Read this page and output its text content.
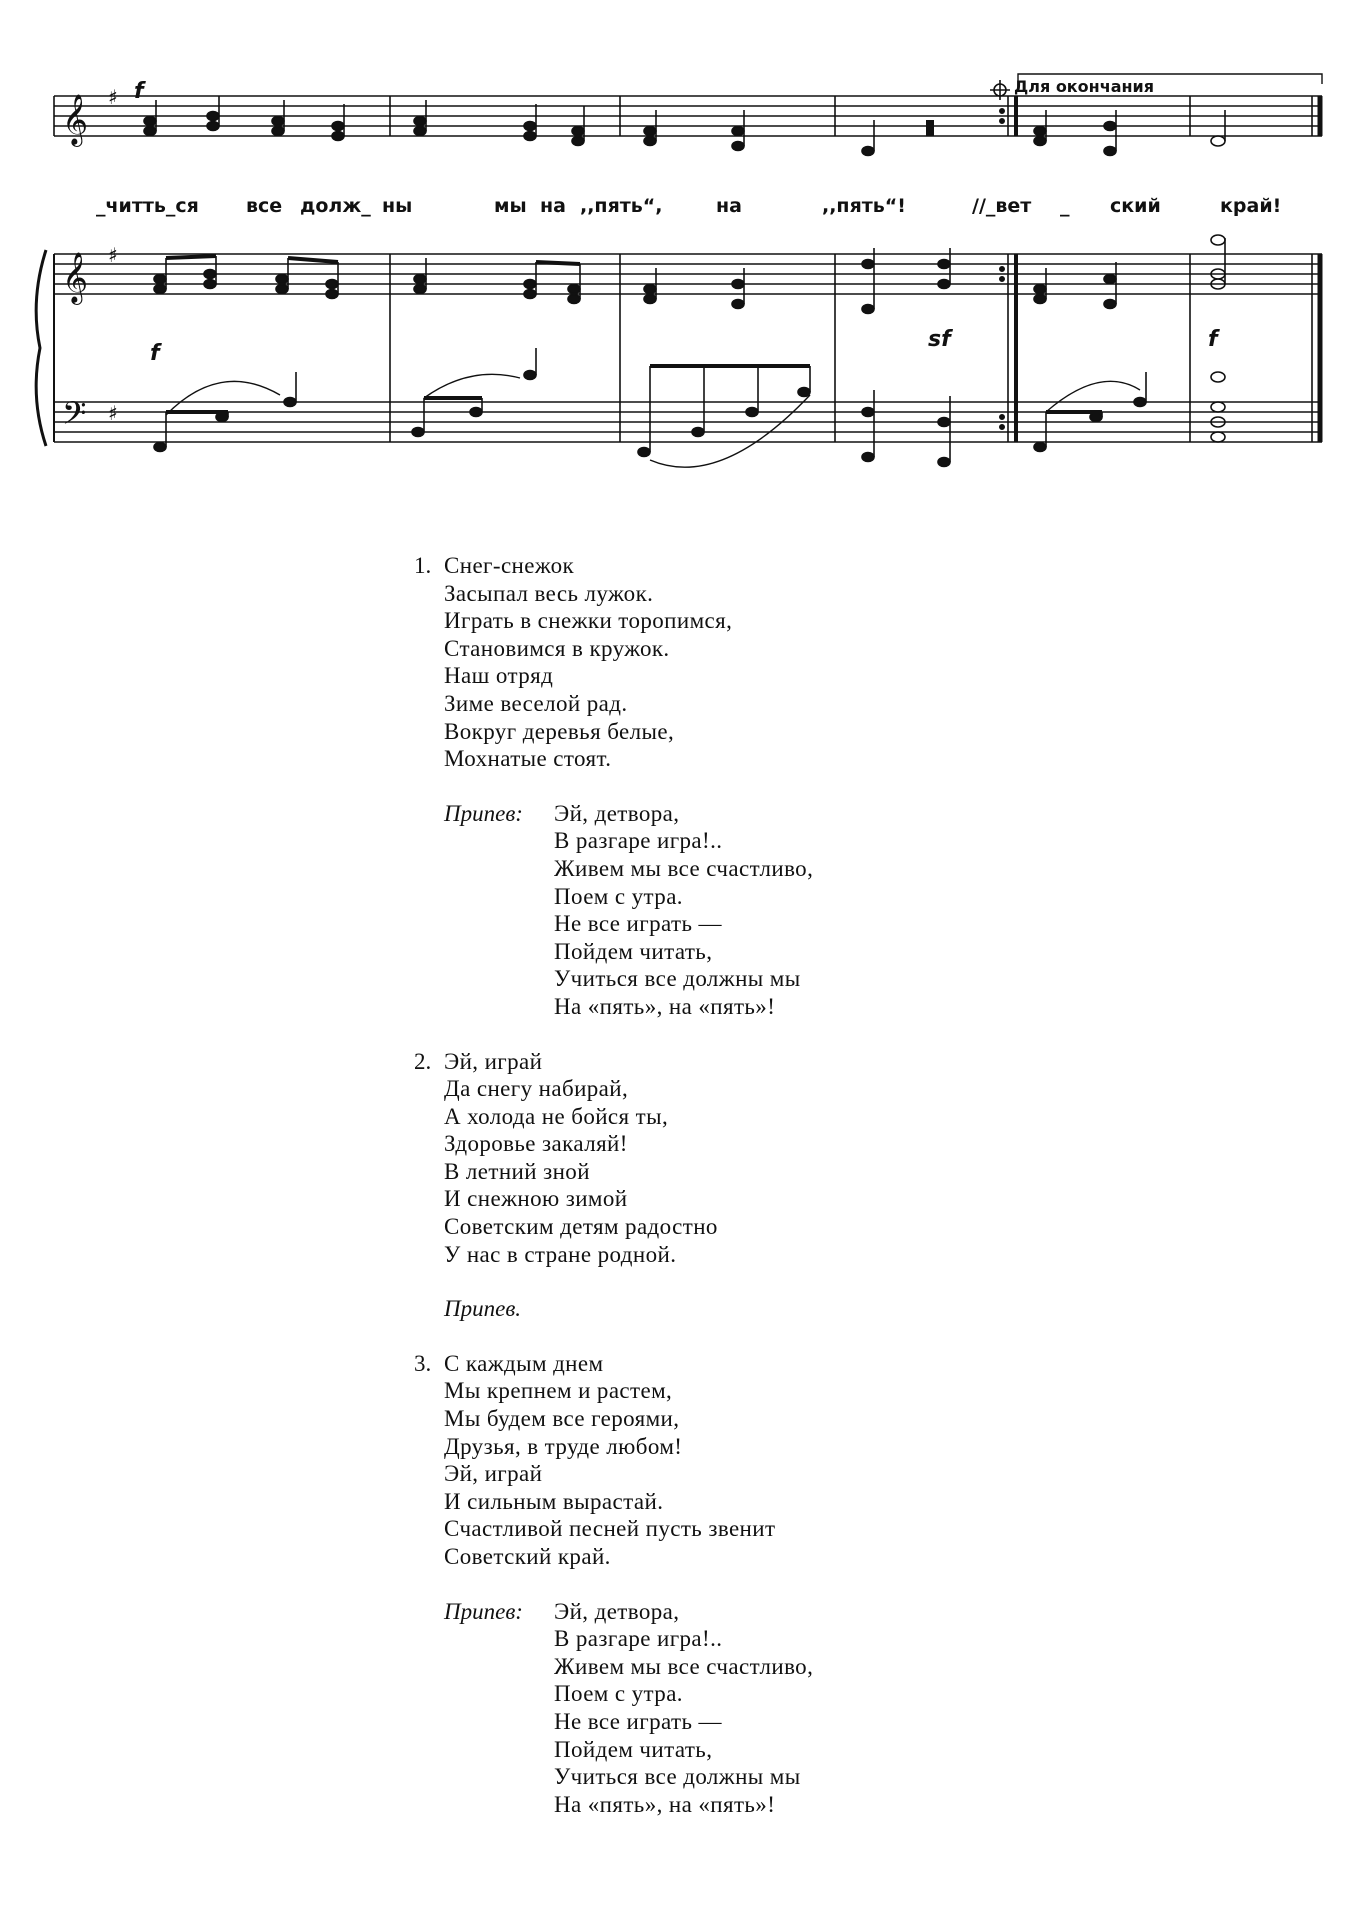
𝄞
𝄞
𝄢
♯
♯
♯
f
f
sf	f
Для окончания
_читть_ся все долж_ ны	мы на ,,пять“,	на	,,пять“!	//_вет _ ский	край!
1. Снег-снежок
Засыпал весь лужок.
Играть в снежки торопимся,
Становимся в кружок.
Наш отряд
Зиме веселой рад.
Вокруг деревья белые,
Мохнатые стоят.
Припев: Эй, детвора,
В разгаре игра!..
Живем мы все счастливо,
Поем с утра.
Не все играть —
Пойдем читать,
Учиться все должны мы
На «пять», на «пять»!
2. Эй, играй
Да снегу набирай,
А холода не бойся ты,
Здоровье закаляй!
В летний зной
И снежною зимой
Советским детям радостно
У нас в стране родной.
Припев.
3. С каждым днем
Мы крепнем и растем,
Мы будем все героями,
Друзья, в труде любом!
Эй, играй
И сильным вырастай.
Счастливой песней пусть звенит
Советский край.
Припев: Эй, детвора,
В разгаре игра!..
Живем мы все счастливо,
Поем с утра.
Не все играть —
Пойдем читать,
Учиться все должны мы
На «пять», на «пять»!
